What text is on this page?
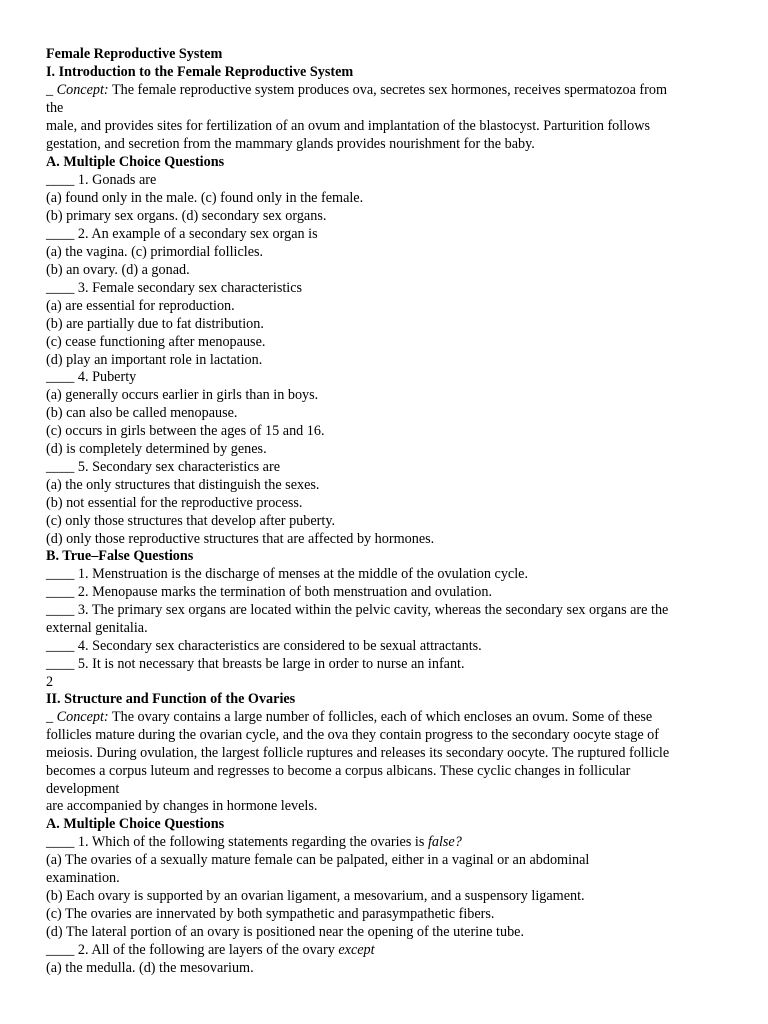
Female Reproductive System
I. Introduction to the Female Reproductive System
_ Concept: The female reproductive system produces ova, secretes sex hormones, receives spermatozoa from
the
male, and provides sites for fertilization of an ovum and implantation of the blastocyst. Parturition follows
gestation, and secretion from the mammary glands provides nourishment for the baby.
A. Multiple Choice Questions
____ 1. Gonads are
(a) found only in the male. (c) found only in the female.
(b) primary sex organs. (d) secondary sex organs.
____ 2. An example of a secondary sex organ is
(a) the vagina. (c) primordial follicles.
(b) an ovary. (d) a gonad.
____ 3. Female secondary sex characteristics
(a) are essential for reproduction.
(b) are partially due to fat distribution.
(c) cease functioning after menopause.
(d) play an important role in lactation.
____ 4. Puberty
(a) generally occurs earlier in girls than in boys.
(b) can also be called menopause.
(c) occurs in girls between the ages of 15 and 16.
(d) is completely determined by genes.
____ 5. Secondary sex characteristics are
(a) the only structures that distinguish the sexes.
(b) not essential for the reproductive process.
(c) only those structures that develop after puberty.
(d) only those reproductive structures that are affected by hormones.
B. True–False Questions
____ 1. Menstruation is the discharge of menses at the middle of the ovulation cycle.
____ 2. Menopause marks the termination of both menstruation and ovulation.
____ 3. The primary sex organs are located within the pelvic cavity, whereas the secondary sex organs are the
external genitalia.
____ 4. Secondary sex characteristics are considered to be sexual attractants.
____ 5. It is not necessary that breasts be large in order to nurse an infant.
2
II. Structure and Function of the Ovaries
_ Concept: The ovary contains a large number of follicles, each of which encloses an ovum. Some of these
follicles mature during the ovarian cycle, and the ova they contain progress to the secondary oocyte stage of
meiosis. During ovulation, the largest follicle ruptures and releases its secondary oocyte. The ruptured follicle
becomes a corpus luteum and regresses to become a corpus albicans. These cyclic changes in follicular
development
are accompanied by changes in hormone levels.
A. Multiple Choice Questions
____ 1. Which of the following statements regarding the ovaries is false?
(a) The ovaries of a sexually mature female can be palpated, either in a vaginal or an abdominal
examination.
(b) Each ovary is supported by an ovarian ligament, a mesovarium, and a suspensory ligament.
(c) The ovaries are innervated by both sympathetic and parasympathetic fibers.
(d) The lateral portion of an ovary is positioned near the opening of the uterine tube.
____ 2. All of the following are layers of the ovary except
(a) the medulla. (d) the mesovarium.
